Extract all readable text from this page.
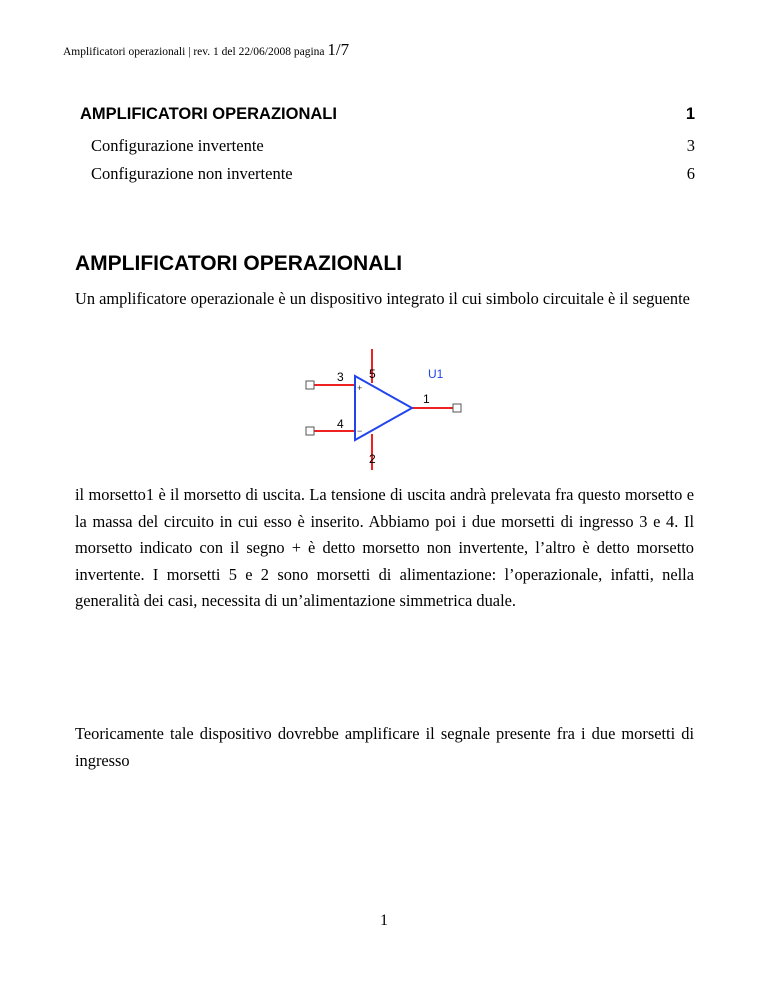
Amplificatori operazionali | rev. 1 del 22/06/2008 pagina 1/7
AMPLIFICATORI OPERAZIONALI	1
Configurazione invertente	3
Configurazione non invertente	6
AMPLIFICATORI OPERAZIONALI

Un amplificatore operazionale è un dispositivo integrato il cui simbolo circuitale è il seguente

5	U1
3
4
1
2
+
−

il morsetto1 è il morsetto di uscita. La tensione di uscita andrà prelevata fra questo morsetto e la massa del circuito in cui esso è inserito. Abbiamo poi i due morsetti di ingresso 3 e 4. Il morsetto indicato con il segno + è detto morsetto non invertente, l’altro è detto morsetto invertente. I morsetti 5 e 2 sono morsetti di alimentazione: l’operazionale, infatti, nella generalità dei casi, necessita di un’alimentazione simmetrica duale.

Teoricamente tale dispositivo dovrebbe amplificare il segnale presente fra i due morsetti di ingresso

1
